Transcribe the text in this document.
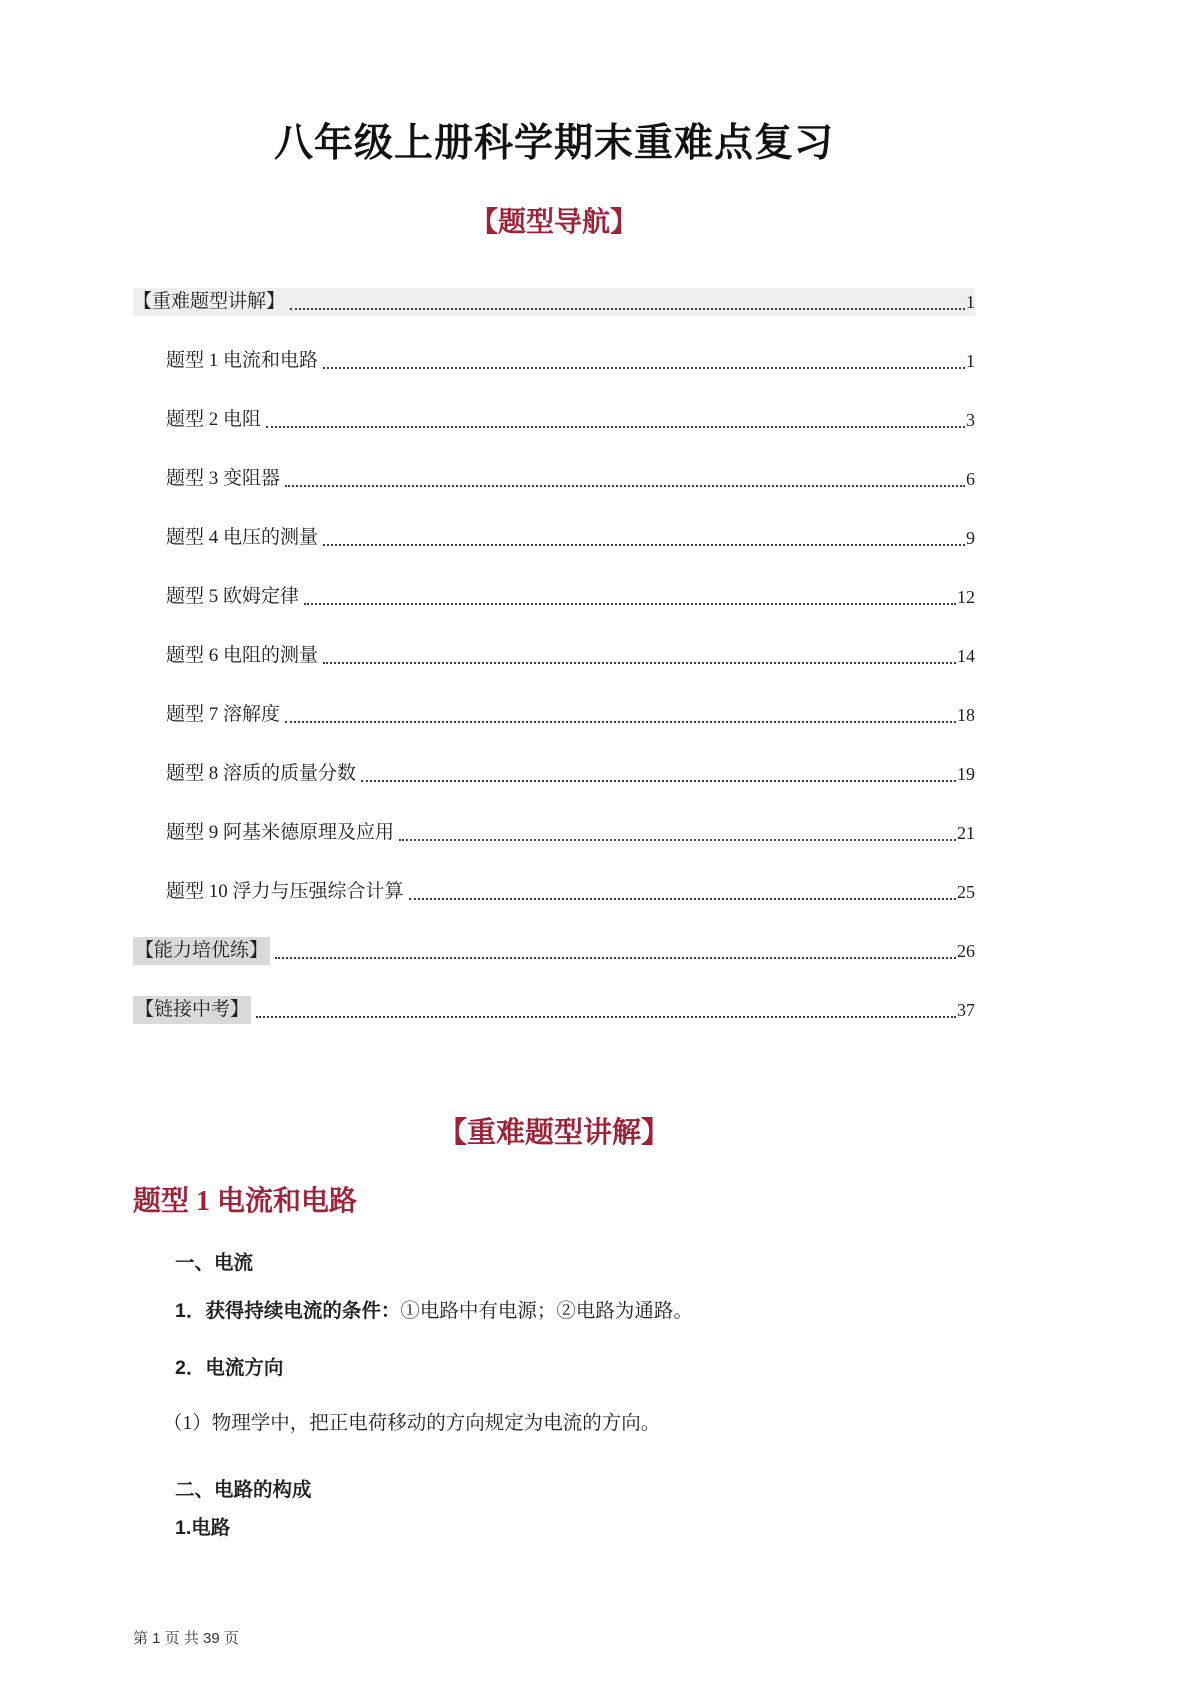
八年级上册科学期末重难点复习
【题型导航】
【重难题型讲解】	1
题型 1 电流和电路	1
题型 2 电阻	3
题型 3 变阻器	6
题型 4 电压的测量	9
题型 5 欧姆定律	12
题型 6 电阻的测量	14
题型 7 溶解度	18
题型 8 溶质的质量分数	19
题型 9 阿基米德原理及应用	21
题型 10 浮力与压强综合计算	25
【能力培优练】	26
【链接中考】	37
【重难题型讲解】
题型 1 电流和电路
一、电流
1．获得持续电流的条件：①电路中有电源；②电路为通路。
2．电流方向
（1）物理学中，把正电荷移动的方向规定为电流的方向。
二、电路的构成
1.电路
第 1 页 共 39 页
